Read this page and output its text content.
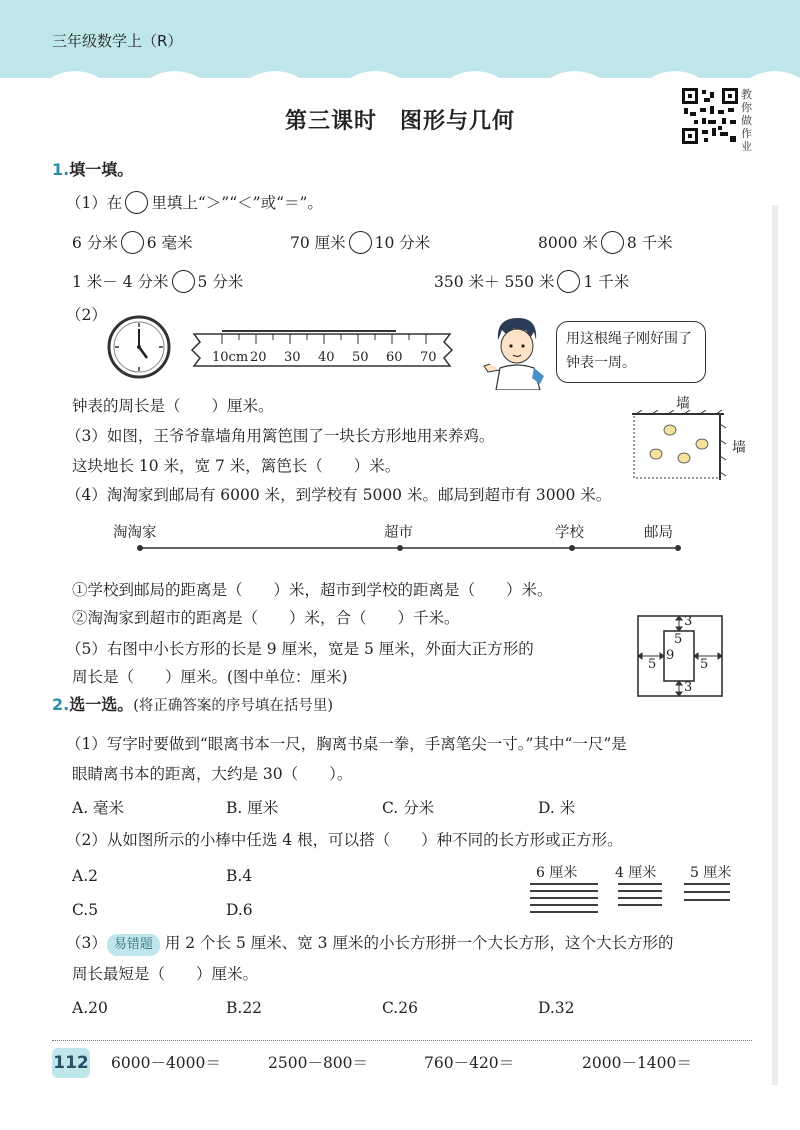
三年级数学上（R）
第三课时　图形与几何
教你做作业
1.填一填。
（1）在 里填上“＞”“＜”或“＝”。
6 分米 6 毫米	70 厘米 10 分米	8000 米 8 千米
1 米－ 4 分米 5 分米	350 米＋ 550 米 1 千米
（2）
10cm 20 30 40 50 60 70
用这根绳子刚好围了钟表一周。
钟表的周长是（　　）厘米。	墙
墙
（3）如图，王爷爷靠墙角用篱笆围了一块长方形地用来养鸡。
这块地长 10 米，宽 7 米，篱笆长（　　）米。
（4）淘淘家到邮局有 6000 米，到学校有 5000 米。邮局到超市有 3000 米。
淘淘家	超市	学校	邮局
①学校到邮局的距离是（　　）米，超市到学校的距离是（　　）米。
②淘淘家到超市的距离是（　　）米，合（　　）千米。
（5）右图中小长方形的长是 9 厘米，宽是 5 厘米，外面大正方形的
周长是（　　）厘米。(图中单位：厘米)
3
5
9
5	5
3
2.选一选。(将正确答案的序号填在括号里)
（1）写字时要做到“眼离书本一尺，胸离书桌一拳，手离笔尖一寸。”其中“一尺”是
眼睛离书本的距离，大约是 30（　　）。
A. 毫米	B. 厘米	C. 分米	D. 米
（2）从如图所示的小棒中任选 4 根，可以搭（　　）种不同的长方形或正方形。
A.2	B.4
C.5	D.6
6 厘米	4 厘米 5 厘米
（3） 易错题 用 2 个长 5 厘米、宽 3 厘米的小长方形拼一个大长方形，这个大长方形的
周长最短是（　　）厘米。
A.20	B.22	C.26	D.32
112 6000－4000＝	2500－800＝	760－420＝	2000－1400＝
